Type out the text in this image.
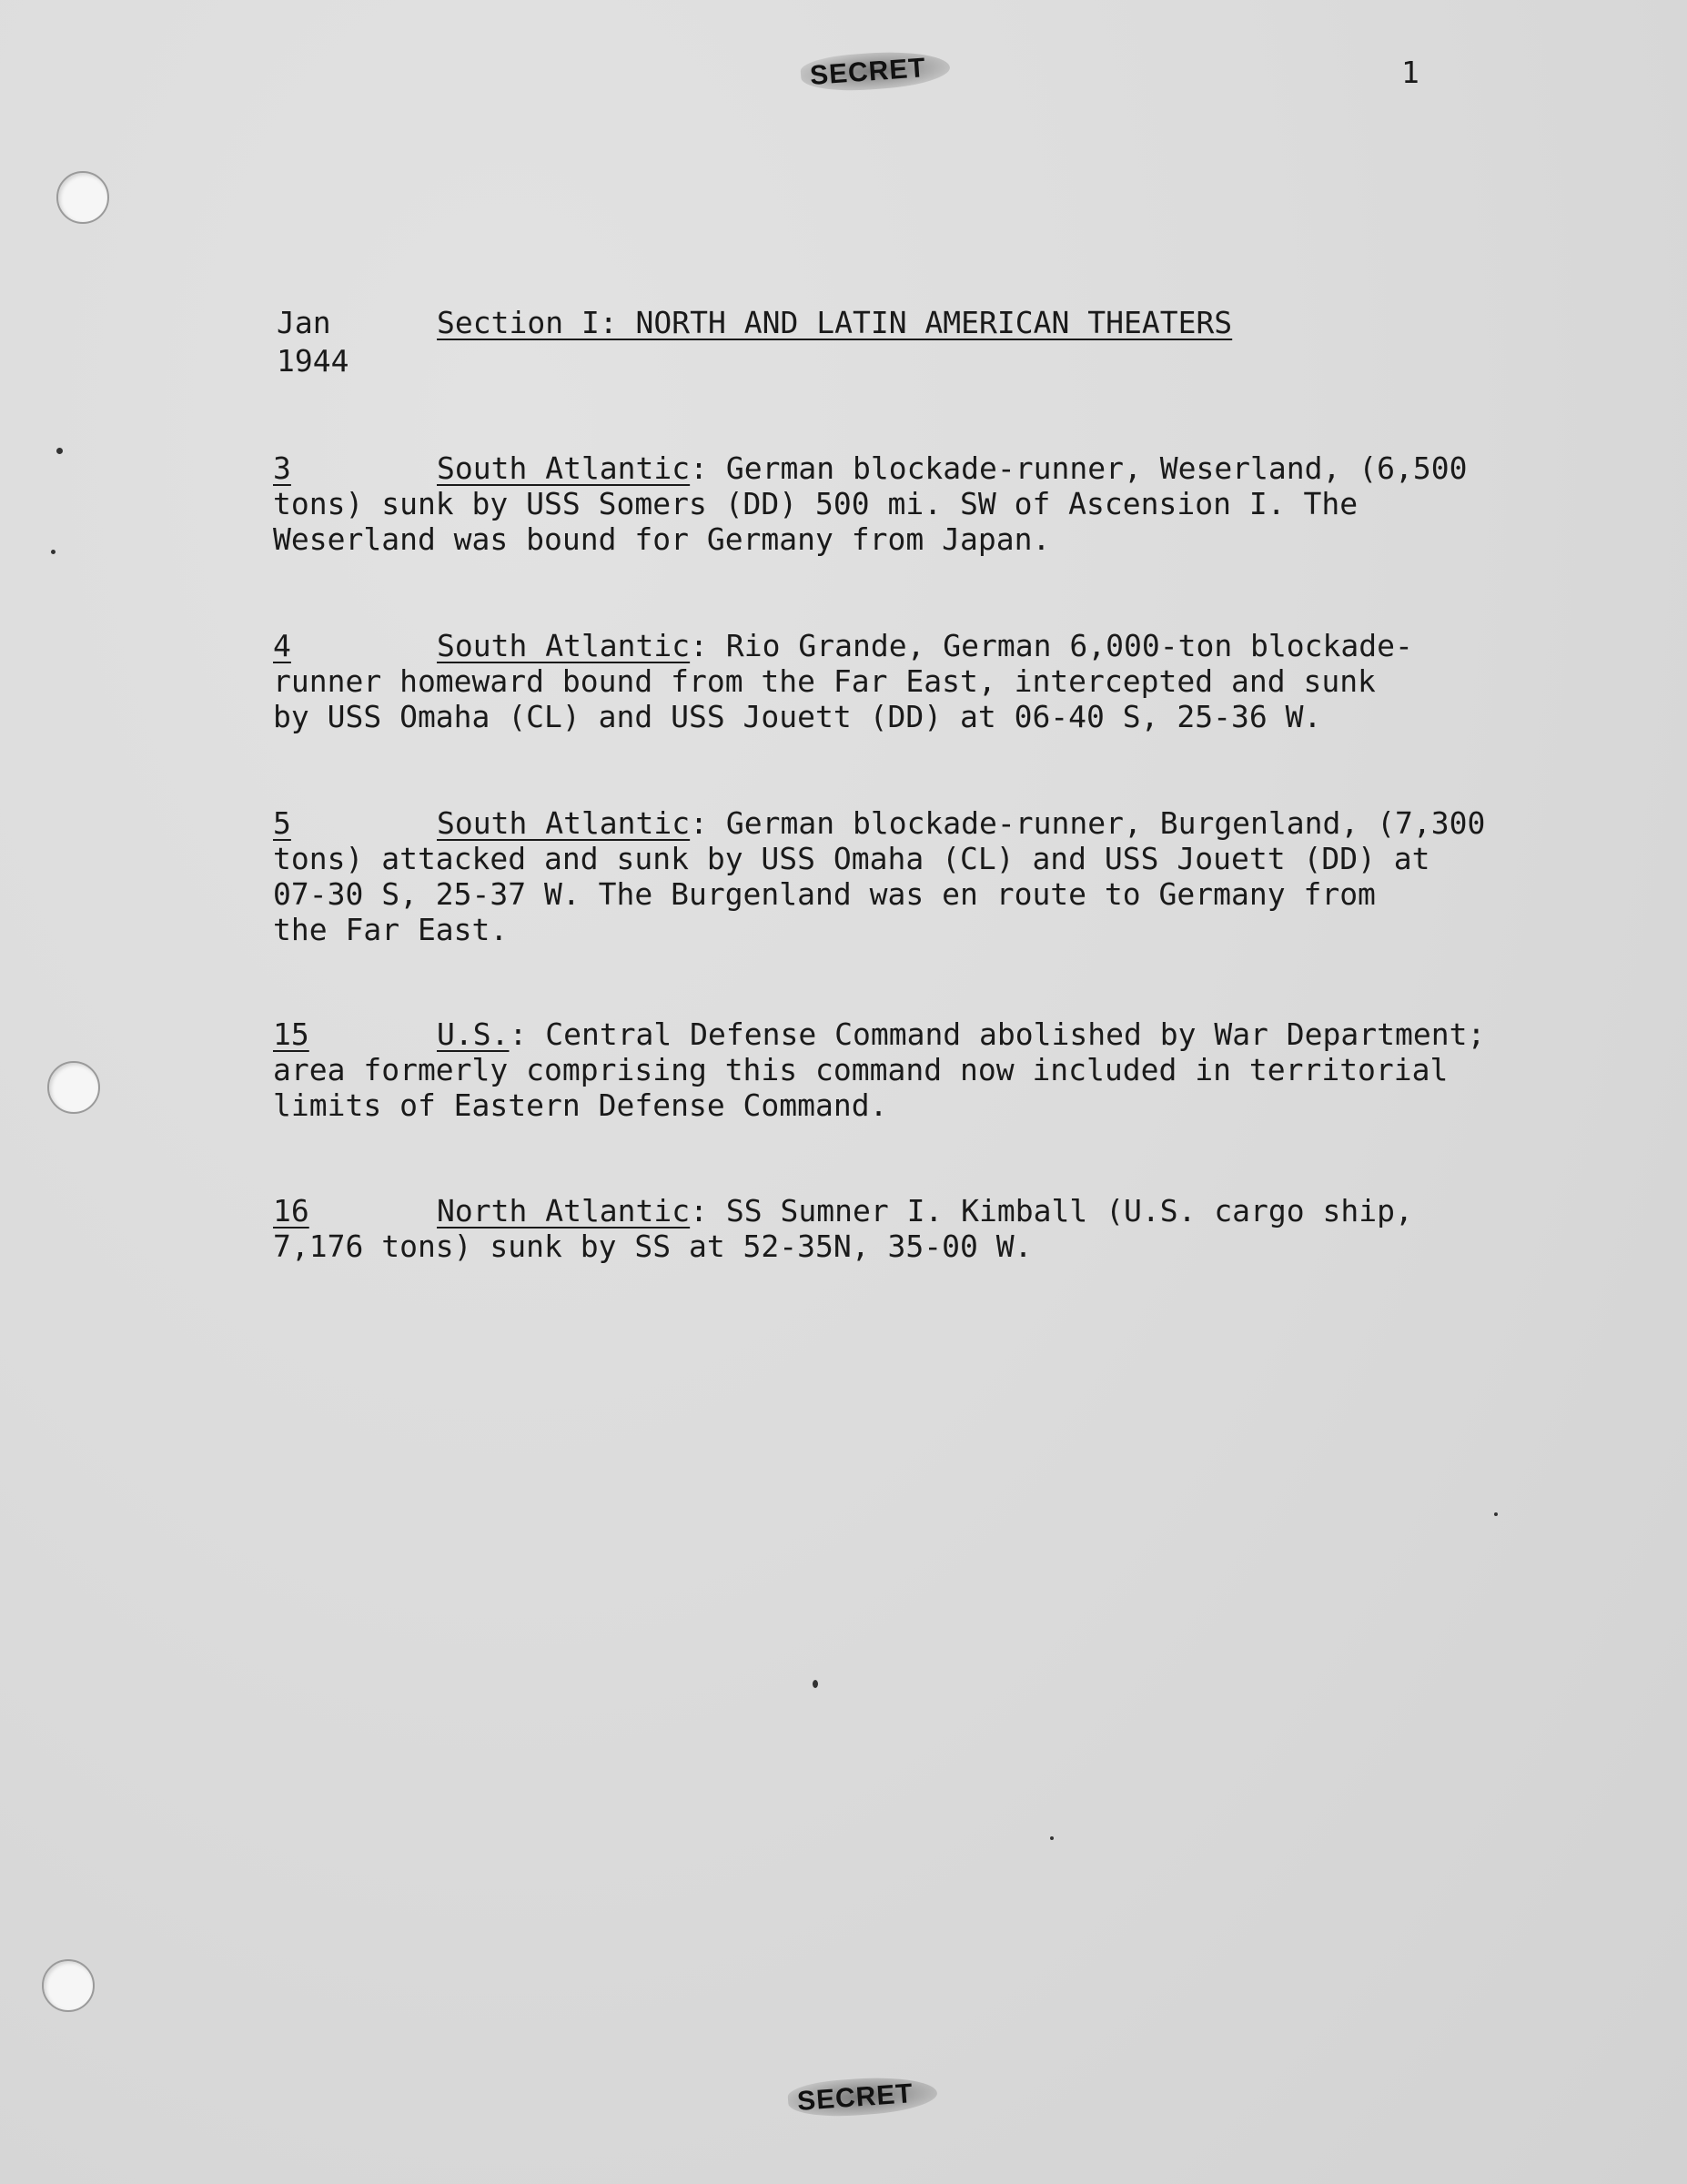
SECRET	1
Jan
1944
Section I: NORTH AND LATIN AMERICAN THEATERS
3	South Atlantic: German blockade-runner, Weserland, (6,500
tons) sunk by USS Somers (DD) 500 mi. SW of Ascension I. The
Weserland was bound for Germany from Japan.
4	South Atlantic: Rio Grande, German 6,000-ton blockade-
runner homeward bound from the Far East, intercepted and sunk
by USS Omaha (CL) and USS Jouett (DD) at 06-40 S, 25-36 W.
5	South Atlantic: German blockade-runner, Burgenland, (7,300
tons) attacked and sunk by USS Omaha (CL) and USS Jouett (DD) at
07-30 S, 25-37 W. The Burgenland was en route to Germany from
the Far East.
15	U.S.: Central Defense Command abolished by War Department;
area formerly comprising this command now included in territorial
limits of Eastern Defense Command.
16	North Atlantic: SS Sumner I. Kimball (U.S. cargo ship,
7,176 tons) sunk by SS at 52-35N, 35-00 W.
SECRET
